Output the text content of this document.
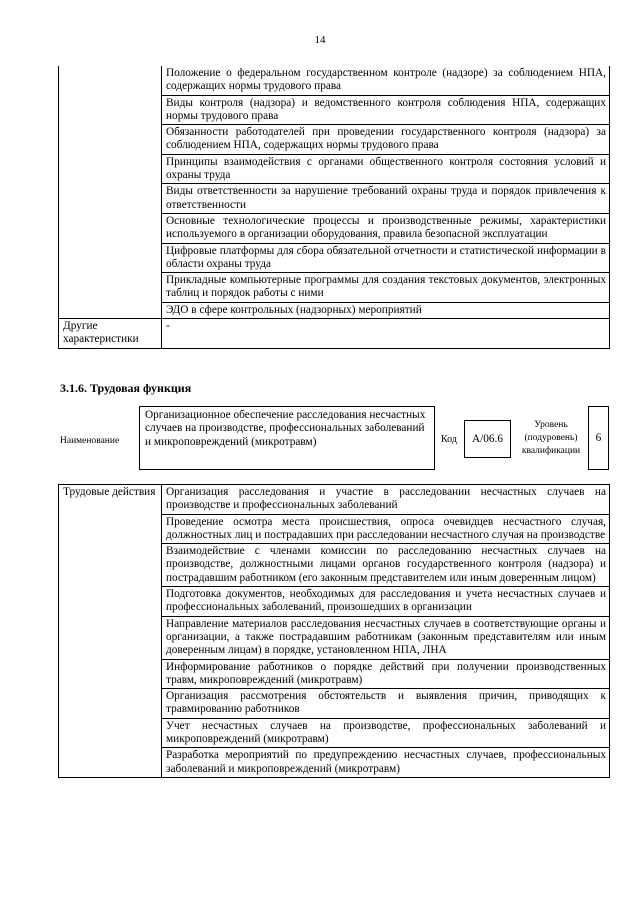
14
	Положение о федеральном государственном контроле (надзоре) за соблюдением НПА, содержащих нормы трудового права
	Виды контроля (надзора) и ведомственного контроля соблюдения НПА, содержащих нормы трудового права
	Обязанности работодателей при проведении государственного контроля (надзора) за соблюдением НПА, содержащих нормы трудового права
	Принципы взаимодействия с органами общественного контроля состояния условий и охраны труда
	Виды ответственности за нарушение требований охраны труда и порядок привлечения к ответственности
	Основные технологические процессы и производственные режимы, характеристики используемого в организации оборудования, правила безопасной эксплуатации
	Цифровые платформы для сбора обязательной отчетности и статистической информации в области охраны труда
	Прикладные компьютерные программы для создания текстовых документов, электронных таблиц и порядок работы с ними
	ЭДО в сфере контрольных (надзорных) мероприятий
Другие характеристики	-
3.1.6. Трудовая функция
Наименование
Организационное обеспечение расследования несчастных случаев на производстве, профессиональных заболеваний и микроповреждений (микротравм)	Код	A/06.6
Уровень (подуровень) квалификации
6
Трудовые действия	Организация расследования и участие в расследовании несчастных случаев на производстве и профессиональных заболеваний
Проведение осмотра места происшествия, опроса очевидцев несчастного случая, должностных лиц и пострадавших при расследовании несчастного случая на производстве
Взаимодействие с членами комиссии по расследованию несчастных случаев на производстве, должностными лицами органов государственного контроля (надзора) и пострадавшим работником (его законным представителем или иным доверенным лицом)
Подготовка документов, необходимых для расследования и учета несчастных случаев и профессиональных заболеваний, произошедших в организации
Направление материалов расследования несчастных случаев в соответствующие органы и организации, а также пострадавшим работникам (законным представителям или иным доверенным лицам) в порядке, установленном НПА, ЛНА
Информирование работников о порядке действий при получении производственных травм, микроповреждений (микротравм)
Организация рассмотрения обстоятельств и выявления причин, приводящих к травмированию работников
Учет несчастных случаев на производстве, профессиональных заболеваний и микроповреждений (микротравм)
Разработка мероприятий по предупреждению несчастных случаев, профессиональных заболеваний и микроповреждений (микротравм)
